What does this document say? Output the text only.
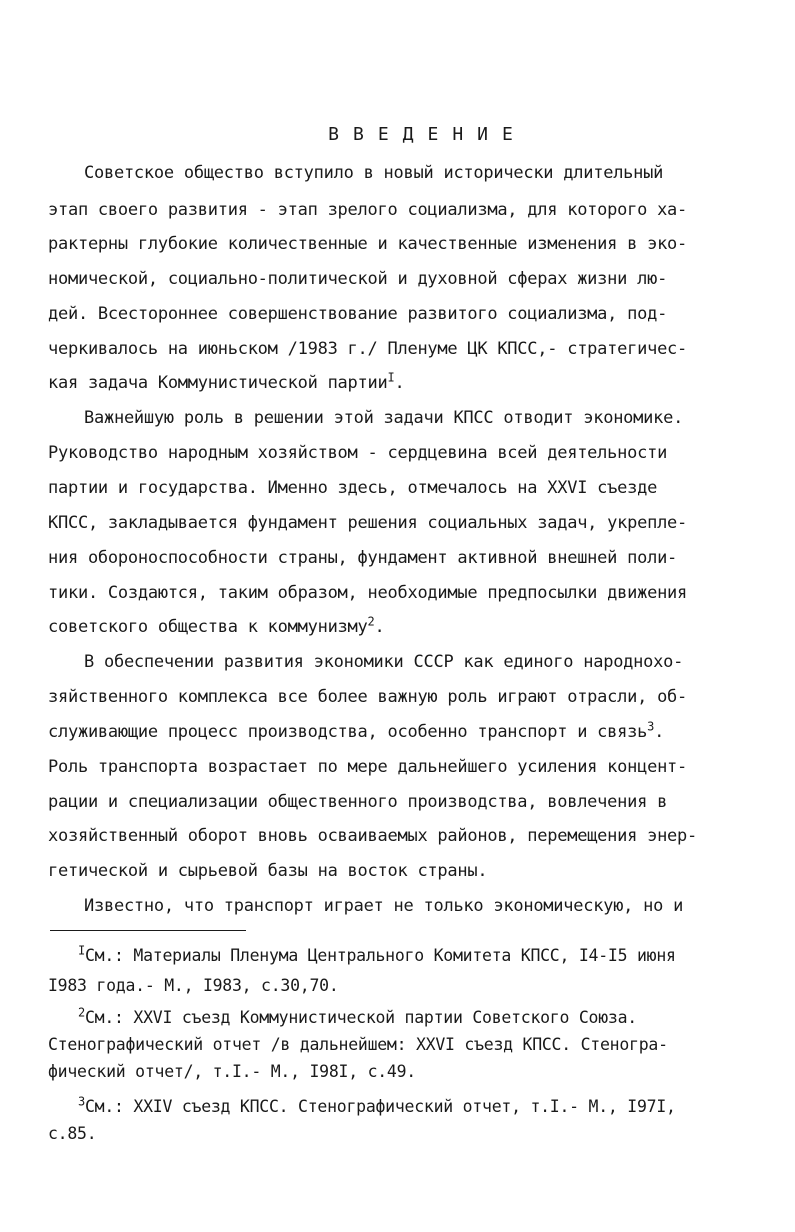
ВВЕДЕНИЕ
Советское общество вступило в новый исторически длительный
этап своего развития - этап зрелого социализма, для которого ха-
рактерны глубокие количественные и качественные изменения в эко-
номической, социально-политической и духовной сферах жизни лю-
дей. Всестороннее совершенствование развитого социализма, под-
черкивалось на июньском /1983 г./ Пленуме ЦК КПСС,- стратегичес-
кая задача Коммунистической партии$^I$.
Важнейшую роль в решении этой задачи КПСС отводит экономике.
Руководство народным хозяйством - сердцевина всей деятельности
партии и государства. Именно здесь, отмечалось на XXVI съезде
КПСС, закладывается фундамент решения социальных задач, укрепле-
ния обороноспособности страны, фундамент активной внешней поли-
тики. Создаются, таким образом, необходимые предпосылки движения
советского общества к коммунизму$^2$.
В обеспечении развития экономики СССР как единого народнохо-
зяйственного комплекса все более важную роль играют отрасли, об-
служивающие процесс производства, особенно транспорт и связь$^3$.
Роль транспорта возрастает по мере дальнейшего усиления концент-
рации и специализации общественного производства, вовлечения в
хозяйственный оборот вновь осваиваемых районов, перемещения энер-
гетической и сырьевой базы на восток страны.
Известно, что транспорт играет не только экономическую, но и
$^I$См.: Материалы Пленума Центрального Комитета КПСС, I4-I5 июня
I983 года.- М., I983, с.30,70.
$^2$См.: XXVI съезд Коммунистической партии Советского Союза.
Стенографический отчет /в дальнейшем: XXVI съезд КПСС. Стеногра-
фический отчет/, т.I.- М., I98I, с.49.
$^3$См.: XXIV съезд КПСС. Стенографический отчет, т.I.- М., I97I,
с.85.
